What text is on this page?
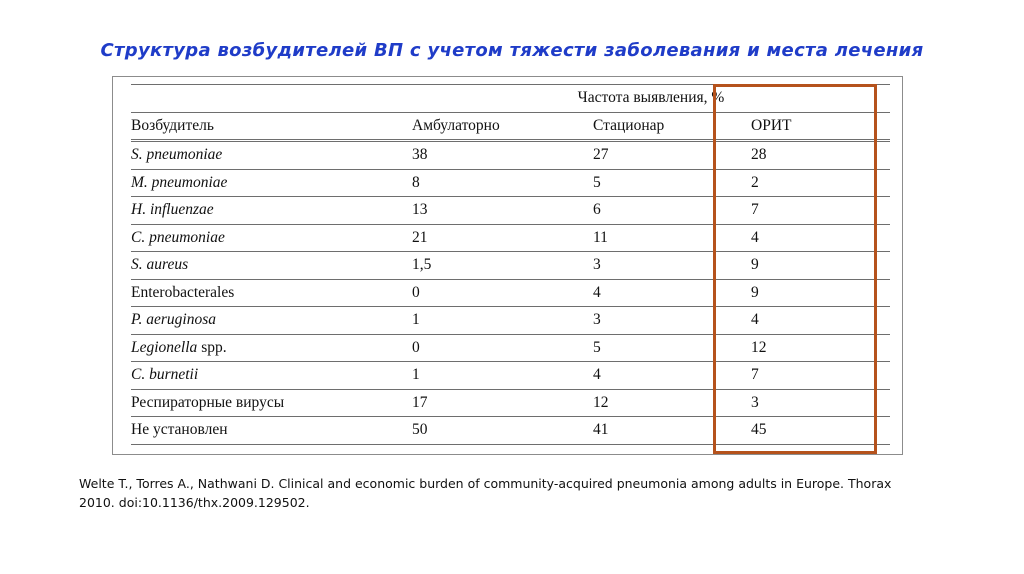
Структура возбудителей ВП с учетом тяжести заболевания и места лечения
	Частота выявления, %		
Возбудитель	Амбулаторно	Стационар	ОРИТ
S. pneumoniae	38	27	28
M. pneumoniae	8	5	2
H. influenzae	13	6	7
C. pneumoniae	21	11	4
S. aureus	1,5	3	9
Enterobacterales	0	4	9
P. aeruginosa	1	3	4
Legionella spp.	0	5	12
C. burnetii	1	4	7
Респираторные вирусы	17	12	3
Не установлен	50	41	45
Welte T., Torres A., Nathwani D. Clinical and economic burden of community-acquired pneumonia among adults in Europe. Thorax
2010. doi:10.1136/thx.2009.129502.
